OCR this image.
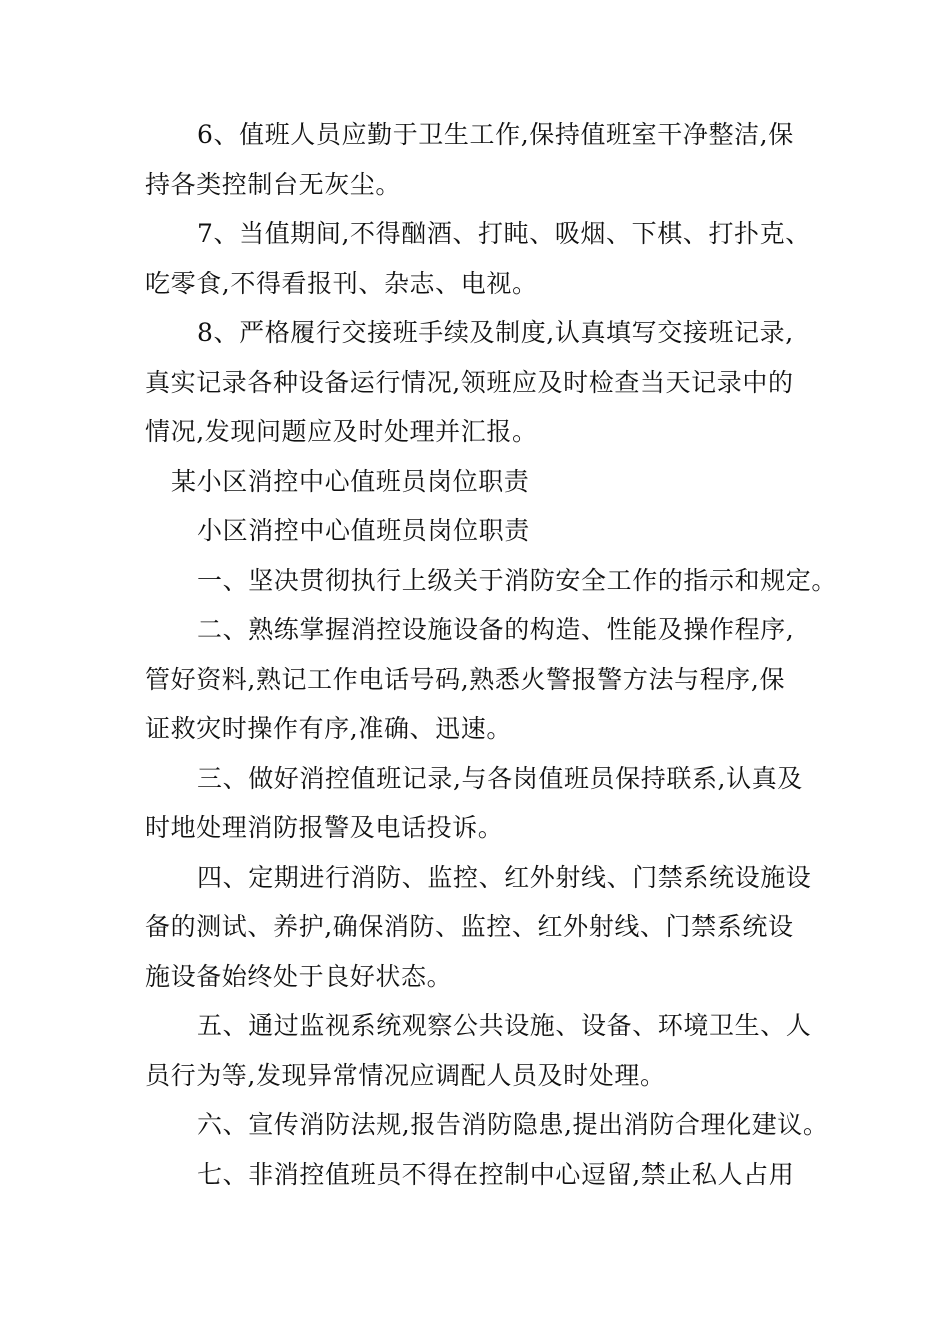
6、值班人员应勤于卫生工作,保持值班室干净整洁,保
持各类控制台无灰尘。
7、当值期间,不得酗酒、打盹、吸烟、下棋、打扑克、
吃零食,不得看报刊、杂志、电视。
8、严格履行交接班手续及制度,认真填写交接班记录,
真实记录各种设备运行情况,领班应及时检查当天记录中的
情况,发现问题应及时处理并汇报。
某小区消控中心值班员岗位职责
小区消控中心值班员岗位职责
一、坚决贯彻执行上级关于消防安全工作的指示和规定。
二、熟练掌握消控设施设备的构造、性能及操作程序,
管好资料,熟记工作电话号码,熟悉火警报警方法与程序,保
证救灾时操作有序,准确、迅速。
三、做好消控值班记录,与各岗值班员保持联系,认真及
时地处理消防报警及电话投诉。
四、定期进行消防、监控、红外射线、门禁系统设施设
备的测试、养护,确保消防、监控、红外射线、门禁系统设
施设备始终处于良好状态。
五、通过监视系统观察公共设施、设备、环境卫生、人
员行为等,发现异常情况应调配人员及时处理。
六、宣传消防法规,报告消防隐患,提出消防合理化建议。
七、非消控值班员不得在控制中心逗留,禁止私人占用
